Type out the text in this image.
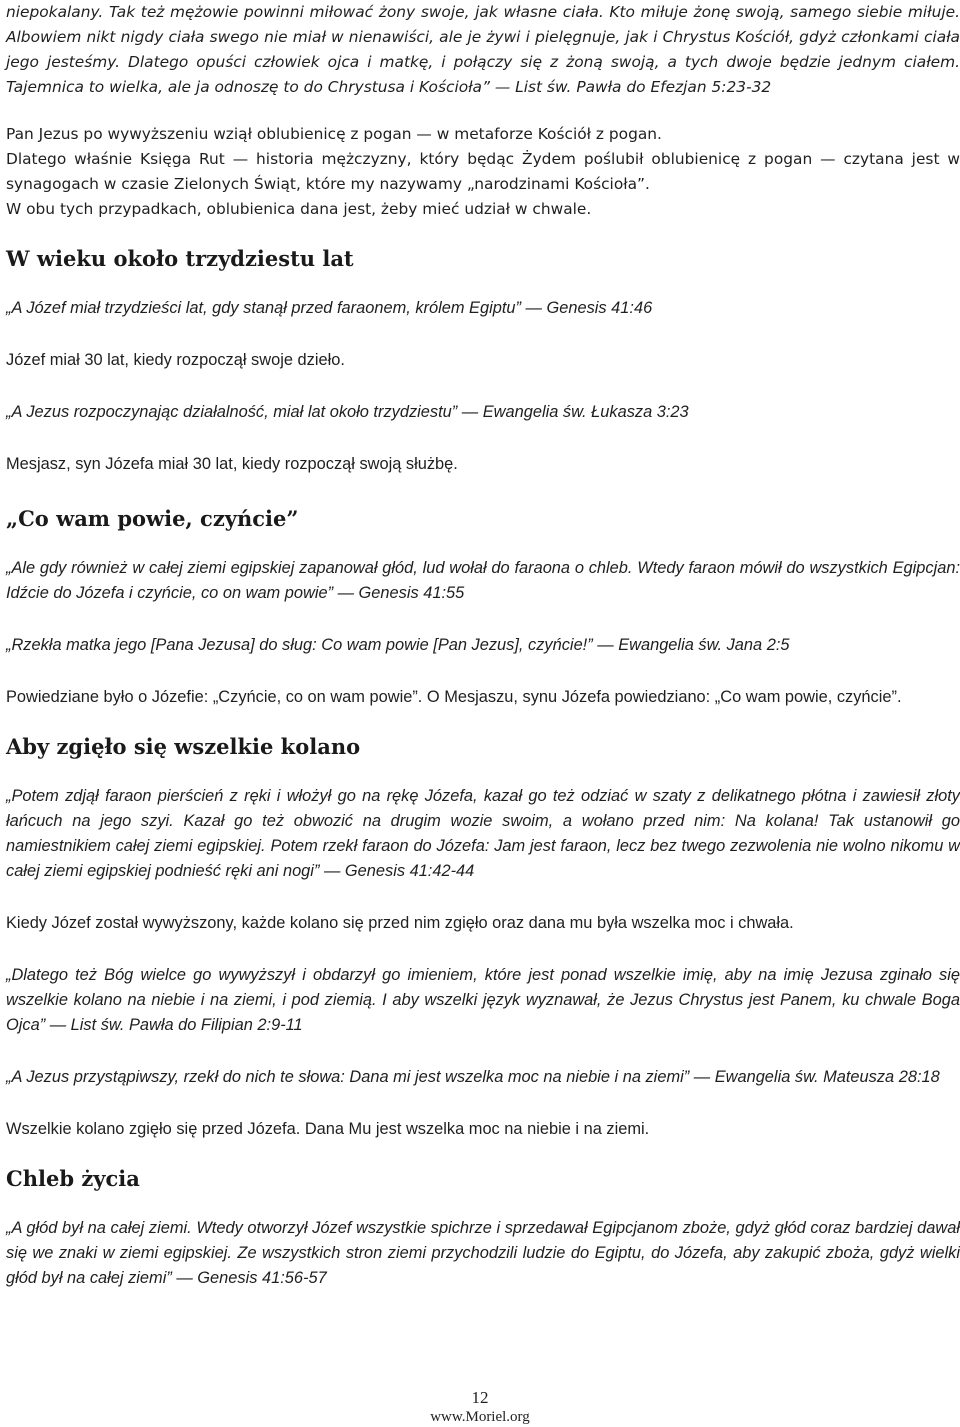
niepokalany. Tak też mężowie powinni miłować żony swoje, jak własne ciała. Kto miłuje żonę swoją, samego siebie miłuje. Albowiem nikt nigdy ciała swego nie miał w nienawiści, ale je żywi i pielęgnuje, jak i Chrystus Kościół, gdyż członkami ciała jego jesteśmy. Dlatego opuści człowiek ojca i matkę, i połączy się z żoną swoją, a tych dwoje będzie jednym ciałem. Tajemnica to wielka, ale ja odnoszę to do Chrystusa i Kościoła” — List św. Pawła do Efezjan 5:23-32

Pan Jezus po wywyższeniu wziął oblubienicę z pogan — w metaforze Kościół z pogan.

Dlatego właśnie Księga Rut — historia mężczyzny, który będąc Żydem poślubił oblubienicę z pogan — czytana jest w synagogach w czasie Zielonych Świąt, które my nazywamy „narodzinami Kościoła”.

W obu tych przypadkach, oblubienica dana jest, żeby mieć udział w chwale.

W wieku około trzydziestu lat

„A Józef miał trzydzieści lat, gdy stanął przed faraonem, królem Egiptu” — Genesis 41:46

Józef miał 30 lat, kiedy rozpoczął swoje dzieło.

„A Jezus rozpoczynając działalność, miał lat około trzydziestu” — Ewangelia św. Łukasza 3:23

Mesjasz, syn Józefa miał 30 lat, kiedy rozpoczął swoją służbę.

„Co wam powie, czyńcie”

„Ale gdy również w całej ziemi egipskiej zapanował głód, lud wołał do faraona o chleb. Wtedy faraon mówił do wszystkich Egipcjan: Idźcie do Józefa i czyńcie, co on wam powie” — Genesis 41:55

„Rzekła matka jego [Pana Jezusa] do sług: Co wam powie [Pan Jezus], czyńcie!” — Ewangelia św. Jana 2:5

Powiedziane było o Józefie: „Czyńcie, co on wam powie”. O Mesjaszu, synu Józefa powiedziano: „Co wam powie, czyńcie”.

Aby zgięło się wszelkie kolano

„Potem zdjął faraon pierścień z ręki i włożył go na rękę Józefa, kazał go też odziać w szaty z delikatnego płótna i zawiesił złoty łańcuch na jego szyi. Kazał go też obwozić na drugim wozie swoim, a wołano przed nim: Na kolana! Tak ustanowił go namiestnikiem całej ziemi egipskiej. Potem rzekł faraon do Józefa: Jam jest faraon, lecz bez twego zezwolenia nie wolno nikomu w całej ziemi egipskiej podnieść ręki ani nogi” — Genesis 41:42-44

Kiedy Józef został wywyższony, każde kolano się przed nim zgięło oraz dana mu była wszelka moc i chwała.

„Dlatego też Bóg wielce go wywyższył i obdarzył go imieniem, które jest ponad wszelkie imię, aby na imię Jezusa zginało się wszelkie kolano na niebie i na ziemi, i pod ziemią. I aby wszelki język wyznawał, że Jezus Chrystus jest Panem, ku chwale Boga Ojca” — List św. Pawła do Filipian 2:9-11

„A Jezus przystąpiwszy, rzekł do nich te słowa: Dana mi jest wszelka moc na niebie i na ziemi” — Ewangelia św. Mateusza 28:18

Wszelkie kolano zgięło się przed Józefa. Dana Mu jest wszelka moc na niebie i na ziemi.

Chleb życia

„A głód był na całej ziemi. Wtedy otworzył Józef wszystkie spichrze i sprzedawał Egipcjanom zboże, gdyż głód coraz bardziej dawał się we znaki w ziemi egipskiej. Ze wszystkich stron ziemi przychodzili ludzie do Egiptu, do Józefa, aby zakupić zboża, gdyż wielki głód był na całej ziemi” — Genesis 41:56-57

12
www.Moriel.org
